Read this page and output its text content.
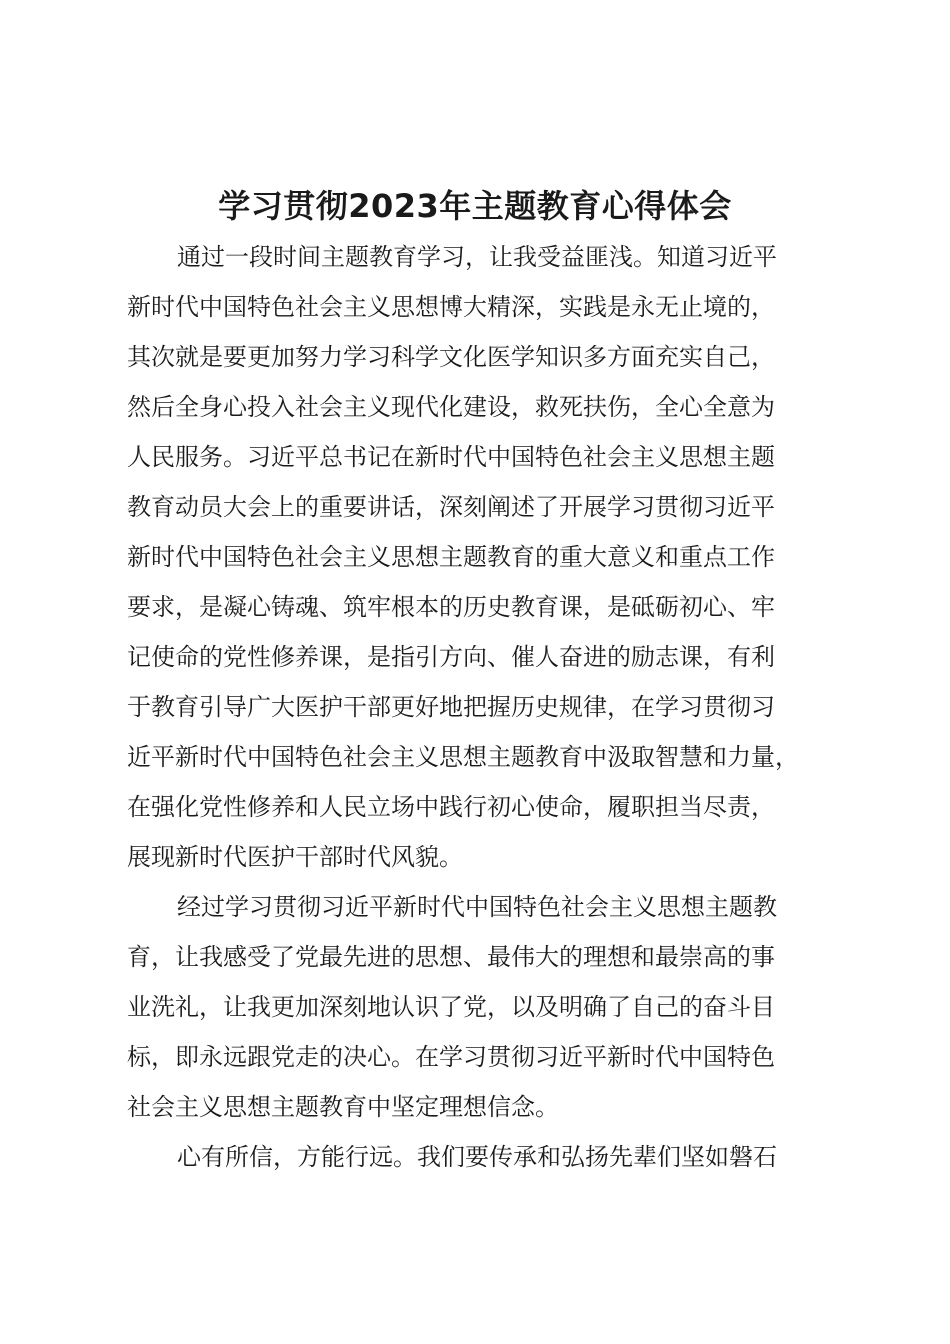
学习贯彻2023年主题教育心得体会

通过一段时间主题教育学习，让我受益匪浅。知道习近平
新时代中国特色社会主义思想博大精深，实践是永无止境的，
其次就是要更加努力学习科学文化医学知识多方面充实自己，
然后全身心投入社会主义现代化建设，救死扶伤，全心全意为
人民服务。习近平总书记在新时代中国特色社会主义思想主题
教育动员大会上的重要讲话，深刻阐述了开展学习贯彻习近平
新时代中国特色社会主义思想主题教育的重大意义和重点工作
要求，是凝心铸魂、筑牢根本的历史教育课，是砥砺初心、牢
记使命的党性修养课，是指引方向、催人奋进的励志课，有利
于教育引导广大医护干部更好地把握历史规律，在学习贯彻习
近平新时代中国特色社会主义思想主题教育中汲取智慧和力量，
在强化党性修养和人民立场中践行初心使命，履职担当尽责，
展现新时代医护干部时代风貌。

经过学习贯彻习近平新时代中国特色社会主义思想主题教
育，让我感受了党最先进的思想、最伟大的理想和最崇高的事
业洗礼，让我更加深刻地认识了党，以及明确了自己的奋斗目
标，即永远跟党走的决心。在学习贯彻习近平新时代中国特色
社会主义思想主题教育中坚定理想信念。

心有所信，方能行远。我们要传承和弘扬先辈们坚如磐石
